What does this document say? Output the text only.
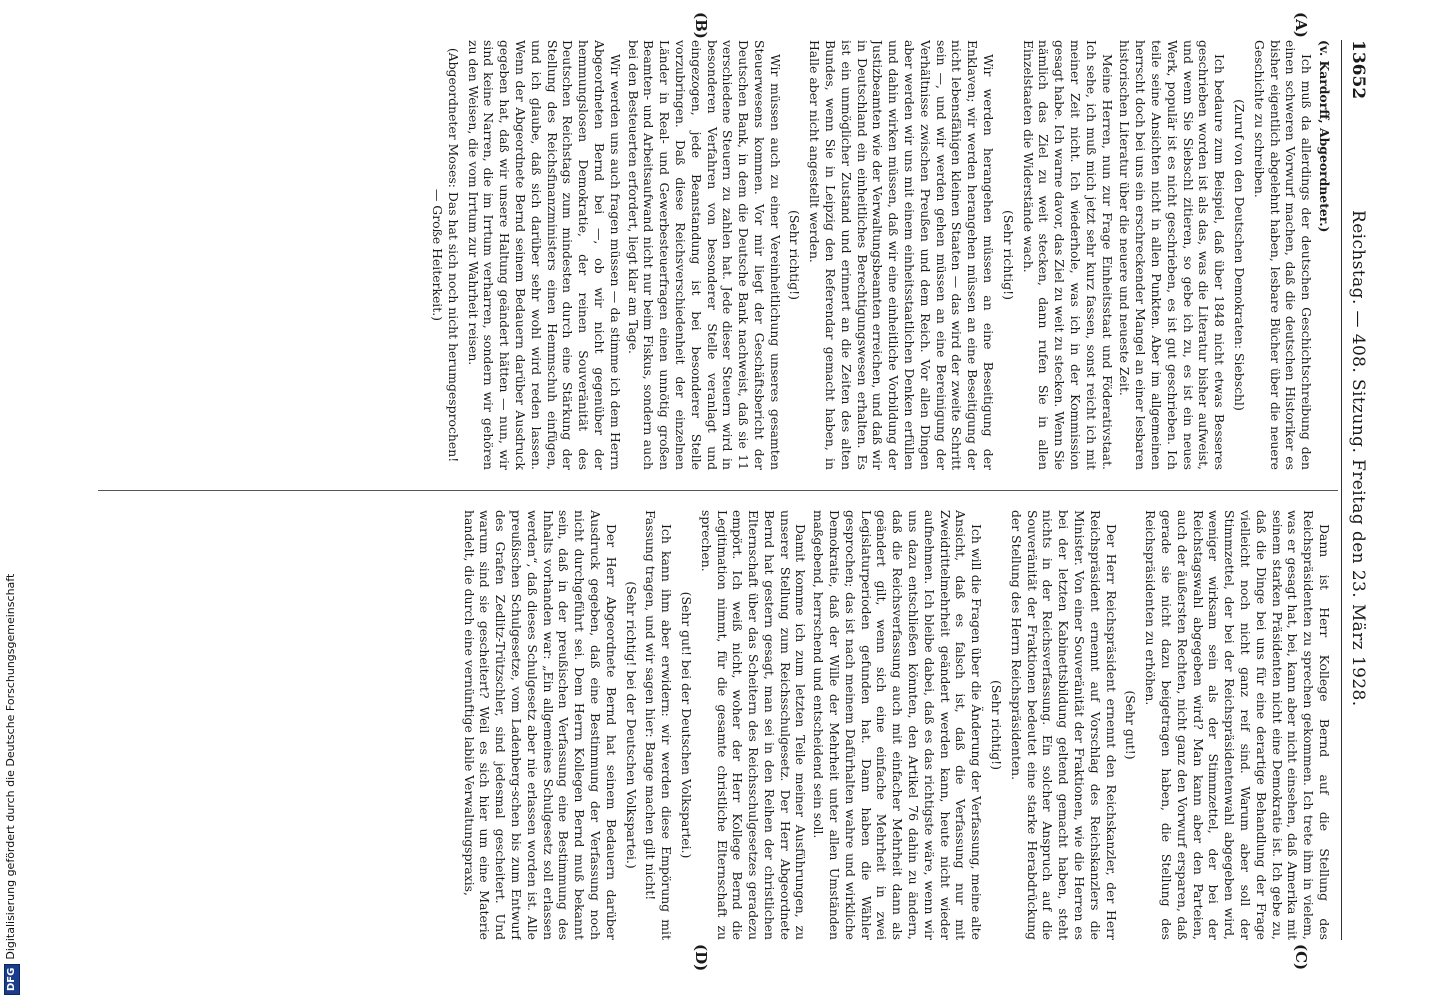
DFGDigitalisierung gefördert durch die Deutsche Forschungsgemeinschaft
13652
Reichstag. — 408. Sitzung. Freitag den 23. März 1928.
(A)
(B)
(C)
(D)

(v. Kardorff, Abgeordneter.)

Ich muß da allerdings der deutschen Geschichtschreibung den einen schweren Vorwurf machen, daß die deutschen Historiker es bisher eigentlich abgelehnt haben, lesbare Bücher über die neuere Geschichte zu schreiben.

(Zuruf von den Deutschen Demokraten: Siebschl)

Ich bedaure zum Beispiel, daß über 1848 nicht etwas Besseres geschrieben worden ist als das, was die Literatur bisher aufweist, und wenn Sie Siebschl zitieren, so gebe ich zu, es ist ein neues Werk, populär ist es nicht geschrieben, es ist gut geschrieben. Ich teile seine Ansichten nicht in allen Punkten. Aber im allgemeinen herrscht doch bei uns ein erschreckender Mangel an einer lesbaren historischen Literatur über die neuere und neueste Zeit.

Meine Herren, nun zur Frage Einheitsstaat und Föderativstaat. Ich sehe, ich muß mich jetzt sehr kurz fassen, sonst reicht ich mit meiner Zeit nicht. Ich wiederhole, was ich in der Kommission gesagt habe. Ich warne davor, das Ziel zu weit zu stecken. Wenn Sie nämlich das Ziel zu weit stecken, dann rufen Sie in allen Einzelstaaten die Widerstände wach.

(Sehr richtig!)

Wir werden herangehen müssen an eine Beseitigung der Enklaven; wir werden herangehen müssen an eine Beseitigung der nicht lebensfähigen kleinen Staaten — das wird der zweite Schritt sein —, und wir werden gehen müssen an eine Bereinigung der Verhältnisse zwischen Preußen und dem Reich. Vor allen Dingen aber werden wir uns mit einem einheitsstaatlichen Denken erfüllen und dahin wirken müssen, daß wir eine einheitliche Vorbildung der Justizbeamten wie der Verwaltungsbeamten erreichen, und daß wir in Deutschland ein einheitliches Berechtigungswesen erhalten. Es ist ein unmöglicher Zustand und erinnert an die Zeiten des alten Bundes, wenn Sie in Leipzig den Referendar gemacht haben, in Halle aber nicht angestellt werden.

(Sehr richtig!)

Wir müssen auch zu einer Vereinheitlichung unseres gesamten Steuerwesens kommen. Vor mir liegt der Geschäftsbericht der Deutschen Bank, in dem die Deutsche Bank nachweist, daß sie 11 verschiedene Steuern zu zahlen hat. Jede dieser Steuern wird in besonderen Verfahren von besonderer Stelle veranlagt und eingezogen, jede Beanstandung ist bei besonderer Stelle vorzubringen. Daß diese Reichsverschiedenheit der einzelnen Länder in Real- und Gewerbesteuerfragen einen unnötig großen Beamten- und Arbeitsaufwand nicht nur beim Fiskus, sondern auch bei den Besteuerten erfordert, liegt klar am Tage.

Wir werden uns auch fragen müssen — da stimme ich dem Herrn Abgeordneten Bernd bei —, ob wir nicht gegenüber der hemmungslosen Demokratie, der reinen Souveränität des Deutschen Reichstags zum mindesten durch eine Stärkung der Stellung des Reichsfinanzministers einen Hemmschuh einfügen, und ich glaube, daß sich darüber sehr wohl wird reden lassen. Wenn der Abgeordnete Bernd seinem Bedauern darüber Ausdruck gegeben hat, daß wir unsere Haltung geändert hätten — nun, wir sind keine Narren, die im Irrtum verharren, sondern wir gehören zu den Weisen, die vom Irrtum zur Wahrheit reisen.

(Abgeordneter Moses: Das hat sich noch nicht herumgesprochen! — Große Heiterkeit.)

Dann ist Herr Kollege Bernd auf die Stellung des Reichspräsidenten zu sprechen gekommen. Ich trete ihm in vielem, was er gesagt hat, bei, kann aber nicht einsehen, daß Amerika mit seinem starken Präsidenten nicht eine Demokratie ist. Ich gebe zu, daß die Dinge bei uns für eine derartige Behandlung der Frage vielleicht noch nicht ganz reif sind. Warum aber soll der Stimmzettel, der bei der Reichspräsidentenwahl abgegeben wird, weniger wirksam sein als der Stimmzettel, der bei der Reichstagswahl abgegeben wird? Man kann aber den Parteien, auch der äußersten Rechten, nicht ganz den Vorwurf ersparen, daß gerade sie nicht dazu beigetragen haben, die Stellung des Reichspräsidenten zu erhöhen.

(Sehr gut!)

Der Herr Reichspräsident ernennt den Reichskanzler, der Herr Reichspräsident ernennt auf Vorschlag des Reichskanzlers die Minister. Von einer Souveränität der Fraktionen, wie die Herren es bei der letzten Kabinettsbildung geltend gemacht haben, steht nichts in der Reichsverfassung. Ein solcher Anspruch auf die Souveränität der Fraktionen bedeutet eine starke Herabdrückung der Stellung des Herrn Reichspräsidenten.

(Sehr richtig!)

Ich will die Fragen über die Änderung der Verfassung, meine alte Ansicht, daß es falsch ist, daß die Verfassung nur mit Zweidrittelmehrheit geändert werden kann, heute nicht wieder aufnehmen. Ich bleibe dabei, daß es das richtigste wäre, wenn wir uns dazu entschließen könnten, den Artikel 76 dahin zu ändern, daß die Reichsverfassung auch mit einfacher Mehrheit dann als geändert gilt, wenn sich eine einfache Mehrheit in zwei Legislaturperioden gefunden hat. Dann haben die Wähler gesprochen; das ist nach meinem Dafürhalten wahre und wirkliche Demokratie, daß der Wille der Mehrheit unter allen Umständen maßgebend, herrschend und entscheidend sein soll.

Damit komme ich zum letzten Teile meiner Ausführungen, zu unserer Stellung zum Reichsschulgesetz. Der Herr Abgeordnete Bernd hat gestern gesagt, man sei in den Reihen der christlichen Elternschaft über das Scheitern des Reichsschulgesetzes geradezu empört. Ich weiß nicht, woher der Herr Kollege Bernd die Legitimation nimmt, für die gesamte christliche Elternschaft zu sprechen.

(Sehr gut! bei der Deutschen Volkspartei.)

Ich kann ihm aber erwidern: wir werden diese Empörung mit Fassung tragen, und wir sagen hier: Bange machen gilt nicht!

(Sehr richtig! bei der Deutschen Volkspartei.)

Der Herr Abgeordnete Bernd hat seinem Bedauern darüber Ausdruck gegeben, daß eine Bestimmung der Verfassung noch nicht durchgeführt sei. Dem Herrn Kollegen Bernd muß bekannt sein, daß in der preußischen Verfassung eine Bestimmung des Inhalts vorhanden war: „Ein allgemeines Schulgesetz soll erlassen werden“, daß dieses Schulgesetz aber nie erlassen worden ist. Alle preußischen Schulgesetze, vom Ladenberg-schen bis zum Entwurf des Grafen Zedlitz-Trützschler, sind jedesmal gescheitert. Und warum sind sie gescheitert? Weil es sich hier um eine Materie handelt, die durch eine vernünftige labile Verwaltungspraxis,
